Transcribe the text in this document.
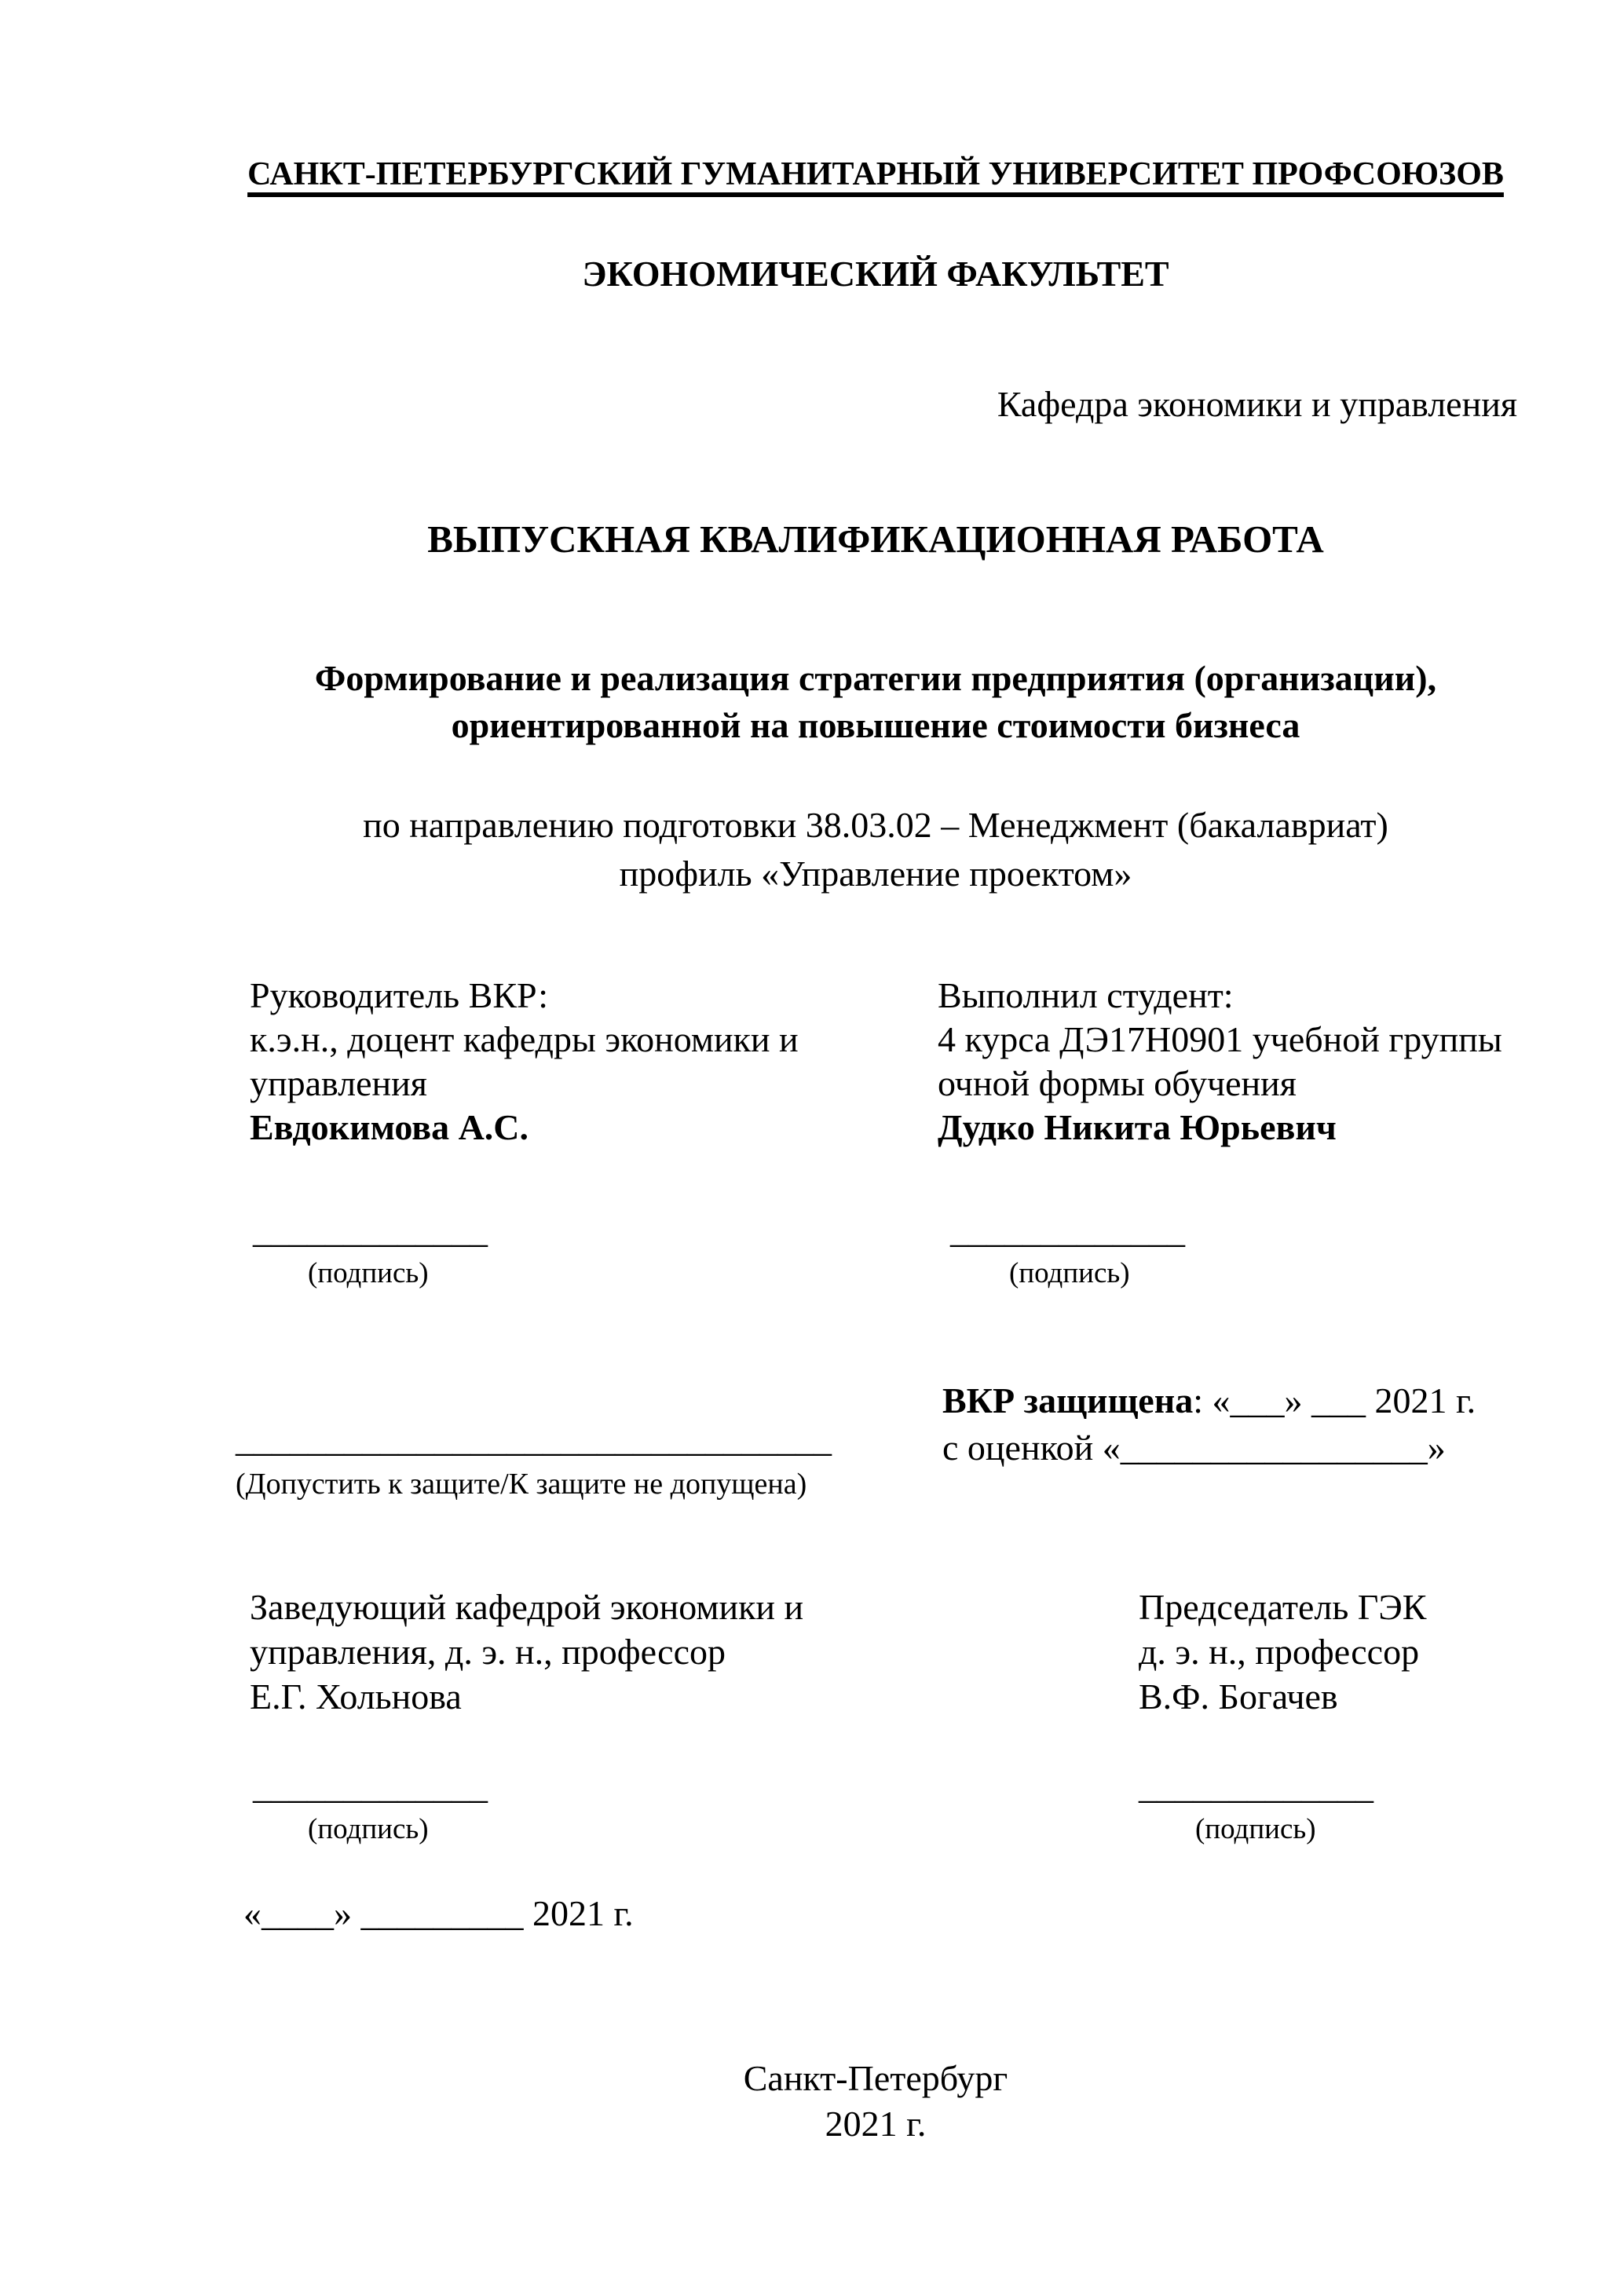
САНКТ-ПЕТЕРБУРГСКИЙ ГУМАНИТАРНЫЙ УНИВЕРСИТЕТ ПРОФСОЮЗОВ
ЭКОНОМИЧЕСКИЙ ФАКУЛЬТЕТ
Кафедра экономики и управления
ВЫПУСКНАЯ КВАЛИФИКАЦИОННАЯ РАБОТА
Формирование и реализация стратегии предприятия (организации),
ориентированной на повышение стоимости бизнеса
по направлению подготовки 38.03.02 – Менеджмент (бакалавриат)
профиль «Управление проектом»
Руководитель ВКР:
к.э.н., доцент кафедры экономики и
управления
Евдокимова А.С.
Выполнил студент:
4 курса ДЭ17Н0901 учебной группы
очной формы обучения
Дудко Никита Юрьевич
_____________
(подпись)
_____________
(подпись)
ВКР защищена: «___» ___ 2021 г.
с оценкой «_________________»
_________________________________
(Допустить к защите/К защите не допущена)
Заведующий кафедрой экономики и
управления, д. э. н., профессор
Е.Г. Хольнова
Председатель ГЭК
д. э. н., профессор
В.Ф. Богачев
_____________
(подпись)
_____________
(подпись)
«____» _________ 2021 г.
Санкт-Петербург
2021 г.
